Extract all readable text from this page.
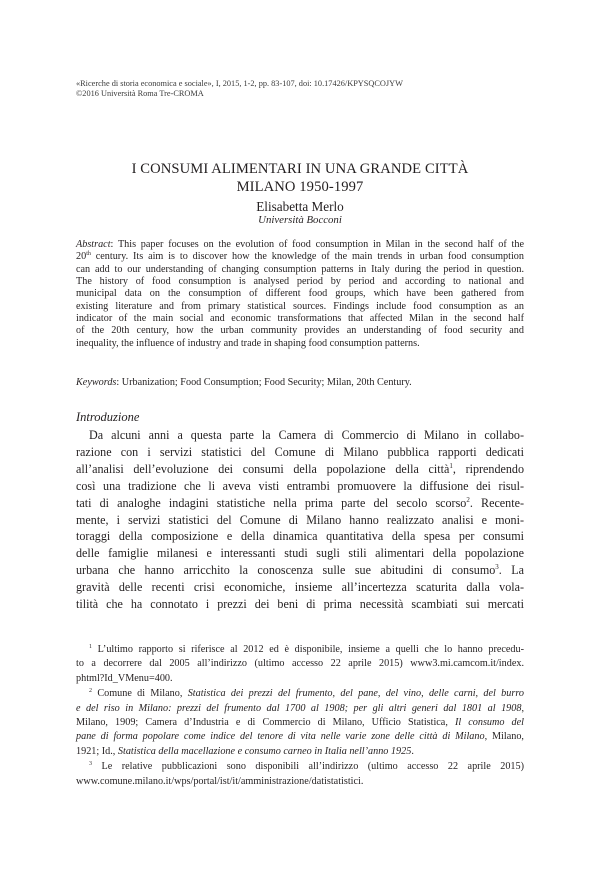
«Ricerche di storia economica e sociale», I, 2015, 1-2, pp. 83-107, doi: 10.17426/KPYSQCOJYW
©2016 Università Roma Tre-CROMA
I CONSUMI ALIMENTARI IN UNA GRANDE CITTÀ
MILANO 1950-1997
Elisabetta Merlo
Università Bocconi
Abstract: This paper focuses on the evolution of food consumption in Milan in the second half of the
20th century. Its aim is to discover how the knowledge of the main trends in urban food consumption
can add to our understanding of changing consumption patterns in Italy during the period in question.
The history of food consumption is analysed period by period and according to national and
municipal data on the consumption of different food groups, which have been gathered from
existing literature and from primary statistical sources. Findings include food consumption as an
indicator of the main social and economic transformations that affected Milan in the second half
of the 20th century, how the urban community provides an understanding of food security and
inequality, the influence of industry and trade in shaping food consumption patterns.
Keywords: Urbanization; Food Consumption; Food Security; Milan, 20th Century.
Introduzione
Da alcuni anni a questa parte la Camera di Commercio di Milano in collabo-
razione con i servizi statistici del Comune di Milano pubblica rapporti dedicati
all’analisi dell’evoluzione dei consumi della popolazione della città$^1$, riprendendo
così una tradizione che li aveva visti entrambi promuovere la diffusione dei risul-
tati di analoghe indagini statistiche nella prima parte del secolo scorso$^2$. Recente-
mente, i servizi statistici del Comune di Milano hanno realizzato analisi e moni-
toraggi della composizione e della dinamica quantitativa della spesa per consumi
delle famiglie milanesi e interessanti studi sugli stili alimentari della popolazione
urbana che hanno arricchito la conoscenza sulle sue abitudini di consumo$^3$. La
gravità delle recenti crisi economiche, insieme all’incertezza scaturita dalla vola-
tilità che ha connotato i prezzi dei beni di prima necessità scambiati sui mercati
$^1$ L’ultimo rapporto si riferisce al 2012 ed è disponibile, insieme a quelli che lo hanno precedu-
to a decorrere dal 2005 all’indirizzo (ultimo accesso 22 aprile 2015) www3.mi.camcom.it/index.
phtml?Id_VMenu=400.
$^2$ Comune di Milano, Statistica dei prezzi del frumento, del pane, del vino, delle carni, del burro
e del riso in Milano: prezzi del frumento dal 1700 al 1908; per gli altri generi dal 1801 al 1908,
Milano, 1909; Camera d’Industria e di Commercio di Milano, Ufficio Statistica, Il consumo del
pane di forma popolare come indice del tenore di vita nelle varie zone delle città di Milano, Milano,
1921; Id., Statistica della macellazione e consumo carneo in Italia nell’anno 1925.
$^3$ Le relative pubblicazioni sono disponibili all’indirizzo (ultimo accesso 22 aprile 2015)
www.comune.milano.it/wps/portal/ist/it/amministrazione/datistatistici.
